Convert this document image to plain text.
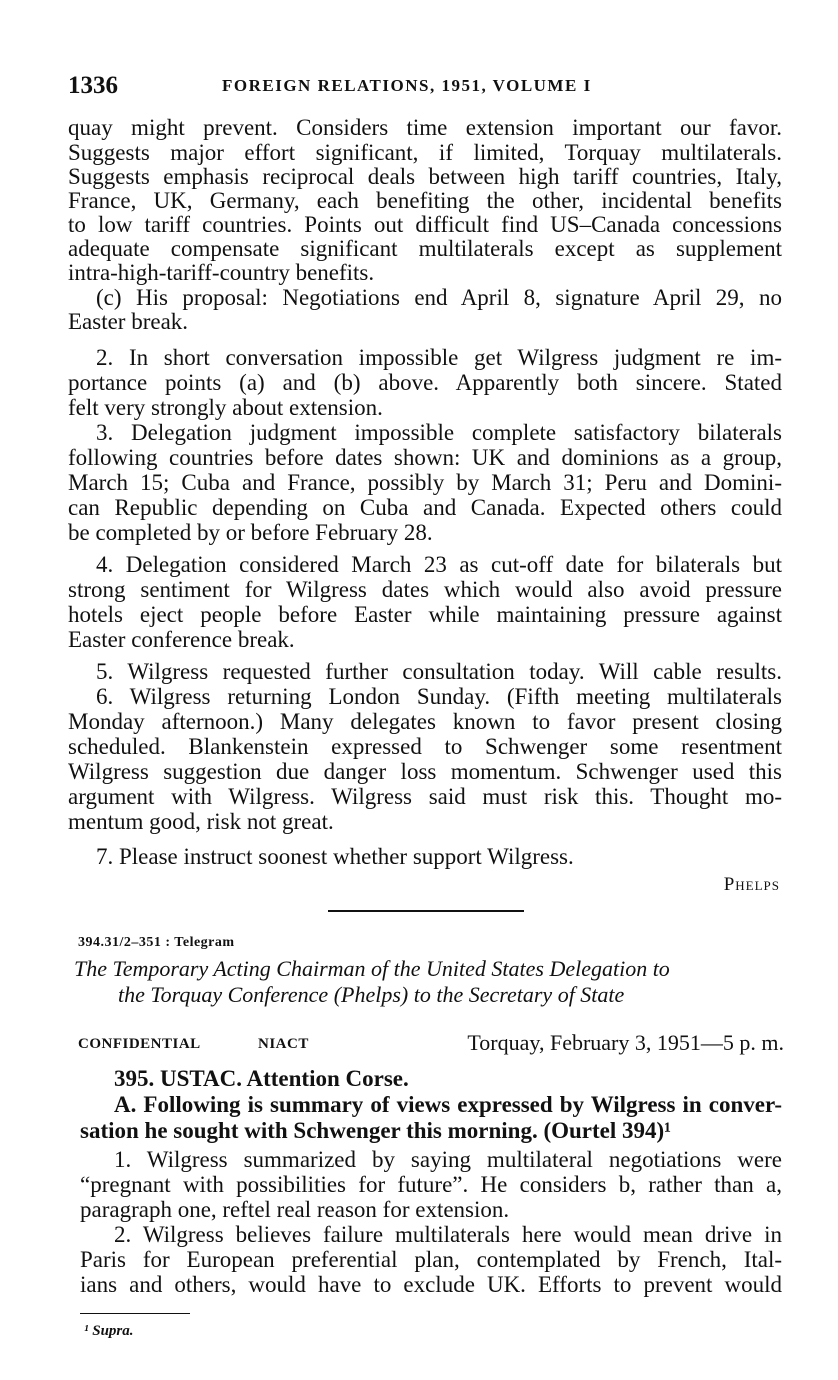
1336	FOREIGN RELATIONS, 1951, VOLUME I
quay might prevent. Considers time extension important our favor.
Suggests major effort significant, if limited, Torquay multilaterals.
Suggests emphasis reciprocal deals between high tariff countries, Italy,
France, UK, Germany, each benefiting the other, incidental benefits
to low tariff countries. Points out difficult find US–Canada concessions
adequate compensate significant multilaterals except as supplement
intra-high-tariff-country benefits.
(c) His proposal: Negotiations end April 8, signature April 29, no
Easter break.
2. In short conversation impossible get Wilgress judgment re im-
portance points (a) and (b) above. Apparently both sincere. Stated
felt very strongly about extension.
3. Delegation judgment impossible complete satisfactory bilaterals
following countries before dates shown: UK and dominions as a group,
March 15; Cuba and France, possibly by March 31; Peru and Domini-
can Republic depending on Cuba and Canada. Expected others could
be completed by or before February 28.
4. Delegation considered March 23 as cut-off date for bilaterals but
strong sentiment for Wilgress dates which would also avoid pressure
hotels eject people before Easter while maintaining pressure against
Easter conference break.
5. Wilgress requested further consultation today. Will cable results.
6. Wilgress returning London Sunday. (Fifth meeting multilaterals
Monday afternoon.) Many delegates known to favor present closing
scheduled. Blankenstein expressed to Schwenger some resentment
Wilgress suggestion due danger loss momentum. Schwenger used this
argument with Wilgress. Wilgress said must risk this. Thought mo-
mentum good, risk not great.
7. Please instruct soonest whether support Wilgress.
Phelps
394.31/2–351 : Telegram
The Temporary Acting Chairman of the United States Delegation to
the Torquay Conference (Phelps) to the Secretary of State
CONFIDENTIAL	NIACT	Torquay, February 3, 1951—5 p. m.
395. USTAC. Attention Corse.
A. Following is summary of views expressed by Wilgress in conver-
sation he sought with Schwenger this morning. (Ourtel 394)¹
1. Wilgress summarized by saying multilateral negotiations were
“pregnant with possibilities for future”. He considers b, rather than a,
paragraph one, reftel real reason for extension.
2. Wilgress believes failure multilaterals here would mean drive in
Paris for European preferential plan, contemplated by French, Ital-
ians and others, would have to exclude UK. Efforts to prevent would
¹ Supra.
